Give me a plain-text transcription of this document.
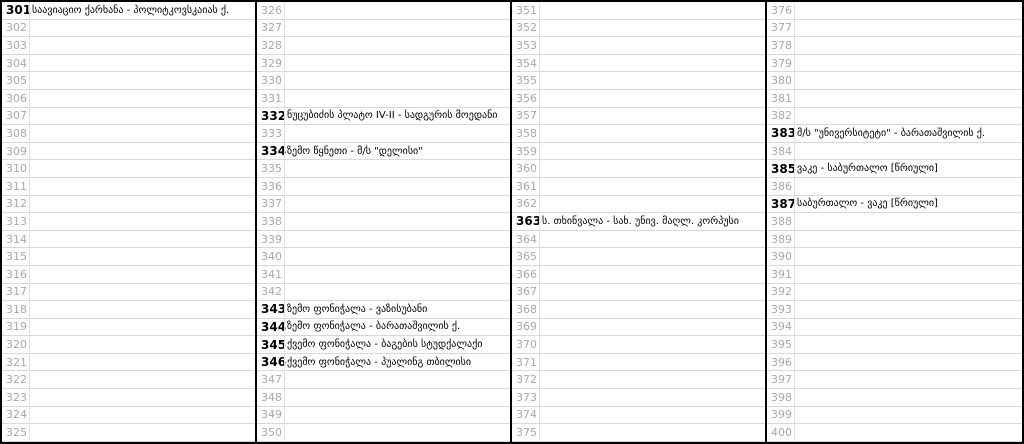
301 საავიაციო ქარხანა - პოლიტკოვსკაიას ქ.
302
303
304
305
306
307
308
309
310
311
312
313
314
315
316
317
318
319
320
321
322
323
324
325
326
327
328
329
330
331
332 ნუცუბიძის პლატო IV-II - სადგურის მოედანი
333
334 ზემო წყნეთი - მ/ს "დელისი"
335
336
337
338
339
340
341
342
343 ზემო ფონიჭალა - ვაზისუბანი
344 ზემო ფონიჭალა - ბარათაშვილის ქ.
345 ქვემო ფონიჭალა - ბაგების სტუდქალაქი
346 ქვემო ფონიჭალა - პუალინგ თბილისი
347
348
349
350
351
352
353
354
355
356
357
358
359
360
361
362
363 ს. თხინვალა - სახ. უნივ. მაღლ. კორპუსი
364
365
366
367
368
369
370
371
372
373
374
375
376
377
378
379
380
381
382
383 მ/ს "უნივერსიტეტი" - ბარათაშვილის ქ.
384
385 ვაკე - საბურთალო [წრიული]
386
387 საბურთალო - ვაკე [წრიული]
388
389
390
391
392
393
394
395
396
397
398
399
400
